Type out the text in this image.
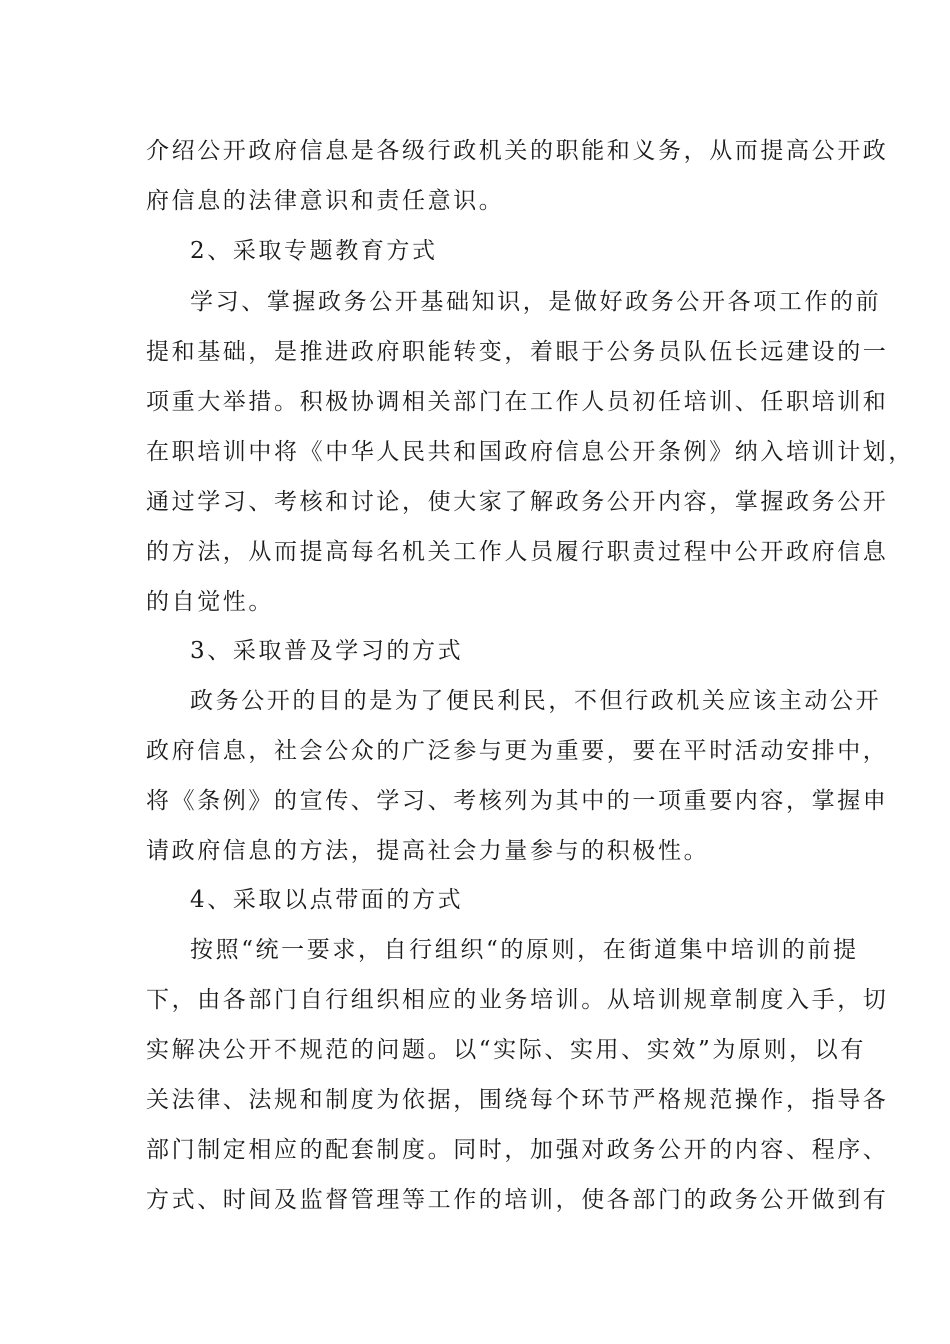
介绍公开政府信息是各级行政机关的职能和义务，从而提高公开政
府信息的法律意识和责任意识。
2、采取专题教育方式
学习、掌握政务公开基础知识，是做好政务公开各项工作的前
提和基础，是推进政府职能转变，着眼于公务员队伍长远建设的一
项重大举措。积极协调相关部门在工作人员初任培训、任职培训和
在职培训中将《中华人民共和国政府信息公开条例》纳入培训计划，
通过学习、考核和讨论，使大家了解政务公开内容，掌握政务公开
的方法，从而提高每名机关工作人员履行职责过程中公开政府信息
的自觉性。
3、采取普及学习的方式
政务公开的目的是为了便民利民，不但行政机关应该主动公开
政府信息，社会公众的广泛参与更为重要，要在平时活动安排中，
将《条例》的宣传、学习、考核列为其中的一项重要内容，掌握申
请政府信息的方法，提高社会力量参与的积极性。
4、采取以点带面的方式
按照“统一要求，自行组织“的原则，在街道集中培训的前提
下，由各部门自行组织相应的业务培训。从培训规章制度入手，切
实解决公开不规范的问题。以“实际、实用、实效”为原则，以有
关法律、法规和制度为依据，围绕每个环节严格规范操作，指导各
部门制定相应的配套制度。同时，加强对政务公开的内容、程序、
方式、时间及监督管理等工作的培训，使各部门的政务公开做到有
